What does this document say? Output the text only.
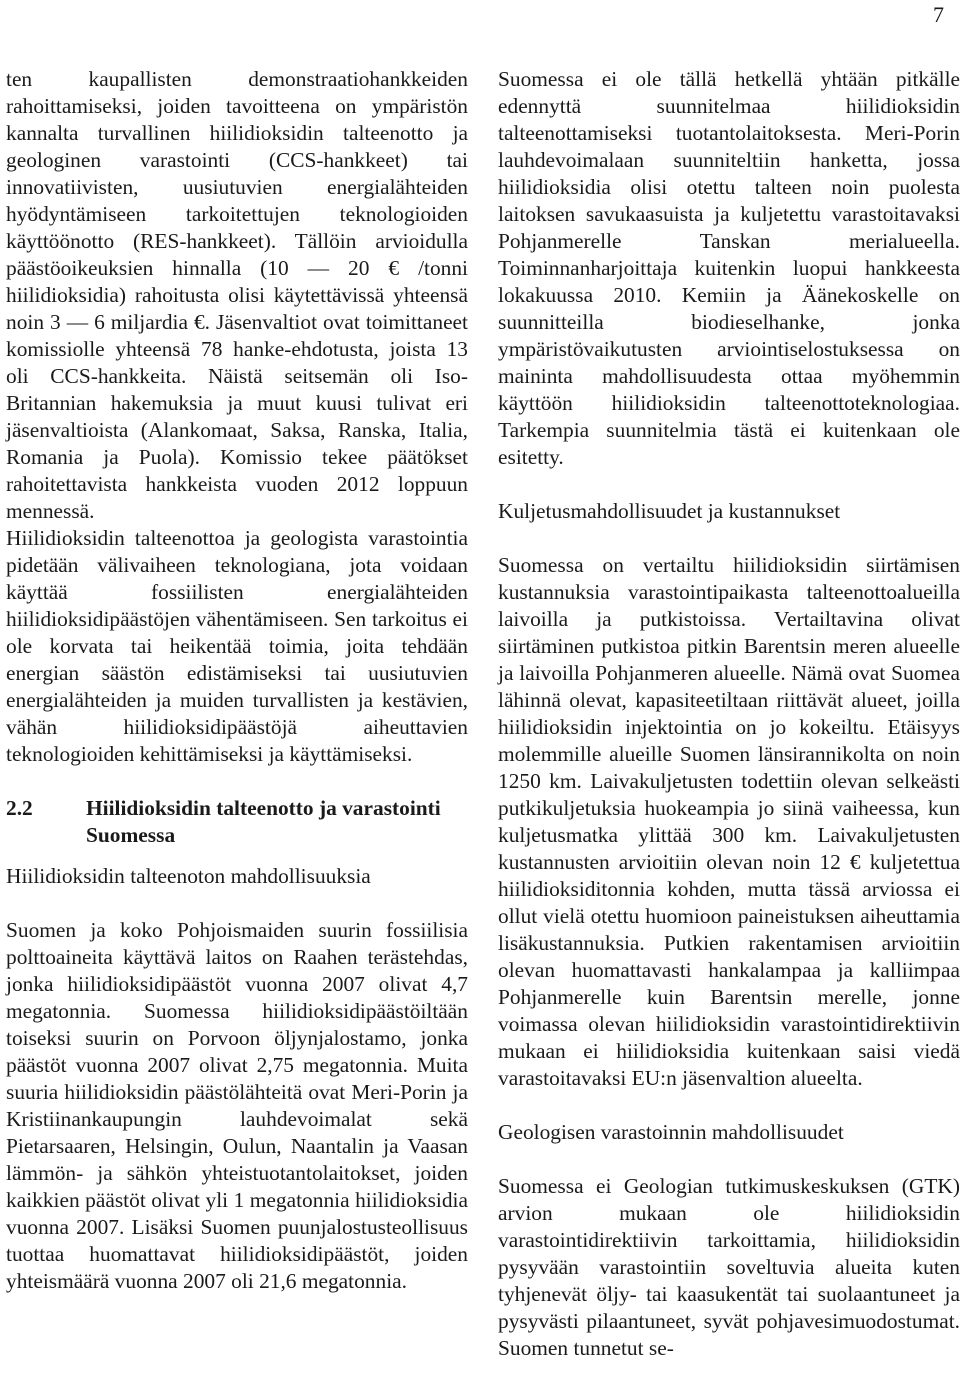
7

ten kaupallisten demonstraatiohankkeiden rahoittamiseksi, joiden tavoitteena on ympäristön kannalta turvallinen hiilidioksidin talteenotto ja geologinen varastointi (CCS-hankkeet) tai innovatiivisten, uusiutuvien energialähteiden hyödyntämiseen tarkoitettujen teknologioiden käyttöönotto (RES-hankkeet). Tällöin arvioidulla päästöoikeuksien hinnalla (10 — 20 € /tonni hiilidioksidia) rahoitusta olisi käytettävissä yhteensä noin 3 — 6 miljardia €. Jäsenvaltiot ovat toimittaneet komissiolle yhteensä 78 hanke-ehdotusta, joista 13 oli CCS-hankkeita. Näistä seitsemän oli Iso-Britannian hakemuksia ja muut kuusi tulivat eri jäsenvaltioista (Alankomaat, Saksa, Ranska, Italia, Romania ja Puola). Komissio tekee päätökset rahoitettavista hankkeista vuoden 2012 loppuun mennessä.

Hiilidioksidin talteenottoa ja geologista varastointia pidetään välivaiheen teknologiana, jota voidaan käyttää fossiilisten energialähteiden hiilidioksidipäästöjen vähentämiseen. Sen tarkoitus ei ole korvata tai heikentää toimia, joita tehdään energian säästön edistämiseksi tai uusiutuvien energialähteiden ja muiden turvallisten ja kestävien, vähän hiilidioksidipäästöjä aiheuttavien teknologioiden kehittämiseksi ja käyttämiseksi.

2.2	Hiilidioksidin talteenotto ja varastointi Suomessa

Hiilidioksidin talteenoton mahdollisuuksia

Suomen ja koko Pohjoismaiden suurin fossiilisia polttoaineita käyttävä laitos on Raahen terästehdas, jonka hiilidioksidipäästöt vuonna 2007 olivat 4,7 megatonnia. Suomessa hiilidioksidipäästöiltään toiseksi suurin on Porvoon öljynjalostamo, jonka päästöt vuonna 2007 olivat 2,75 megatonnia. Muita suuria hiilidioksidin päästölähteitä ovat Meri-Porin ja Kristiinankaupungin lauhdevoimalat sekä Pietarsaaren, Helsingin, Oulun, Naantalin ja Vaasan lämmön- ja sähkön yhteistuotantolaitokset, joiden kaikkien päästöt olivat yli 1 megatonnia hiilidioksidia vuonna 2007. Lisäksi Suomen puunjalostusteollisuus tuottaa huomattavat hiilidioksidipäästöt, joiden yhteismäärä vuonna 2007 oli 21,6 megatonnia.

Suomessa ei ole tällä hetkellä yhtään pitkälle edennyttä suunnitelmaa hiilidioksidin talteenottamiseksi tuotantolaitoksesta. Meri-Porin lauhdevoimalaan suunniteltiin hanketta, jossa hiilidioksidia olisi otettu talteen noin puolesta laitoksen savukaasuista ja kuljetettu varastoitavaksi Pohjanmerelle Tanskan merialueella. Toiminnanharjoittaja kuitenkin luopui hankkeesta lokakuussa 2010. Kemiin ja Äänekoskelle on suunnitteilla biodieselhanke, jonka ympäristövaikutusten arviointiselostuksessa on maininta mahdollisuudesta ottaa myöhemmin käyttöön hiilidioksidin talteenottoteknologiaa. Tarkempia suunnitelmia tästä ei kuitenkaan ole esitetty.

Kuljetusmahdollisuudet ja kustannukset

Suomessa on vertailtu hiilidioksidin siirtämisen kustannuksia varastointipaikasta talteenottoalueilla laivoilla ja putkistoissa. Vertailtavina olivat siirtäminen putkistoa pitkin Barentsin meren alueelle ja laivoilla Pohjanmeren alueelle. Nämä ovat Suomea lähinnä olevat, kapasiteetiltaan riittävät alueet, joilla hiilidioksidin injektointia on jo kokeiltu. Etäisyys molemmille alueille Suomen länsirannikolta on noin 1250 km. Laivakuljetusten todettiin olevan selkeästi putkikuljetuksia huokeampia jo siinä vaiheessa, kun kuljetusmatka ylittää 300 km. Laivakuljetusten kustannusten arvioitiin olevan noin 12 € kuljetettua hiilidioksiditonnia kohden, mutta tässä arviossa ei ollut vielä otettu huomioon paineistuksen aiheuttamia lisäkustannuksia. Putkien rakentamisen arvioitiin olevan huomattavasti hankalampaa ja kalliimpaa Pohjanmerelle kuin Barentsin merelle, jonne voimassa olevan hiilidioksidin varastointidirektiivin mukaan ei hiilidioksidia kuitenkaan saisi viedä varastoitavaksi EU:n jäsenvaltion alueelta.

Geologisen varastoinnin mahdollisuudet

Suomessa ei Geologian tutkimuskeskuksen (GTK) arvion mukaan ole hiilidioksidin varastointidirektiivin tarkoittamia, hiilidioksidin pysyvään varastointiin soveltuvia alueita kuten tyhjenevät öljy- tai kaasukentät tai suolaantuneet ja pysyvästi pilaantuneet, syvät pohjavesimuodostumat. Suomen tunnetut se-
